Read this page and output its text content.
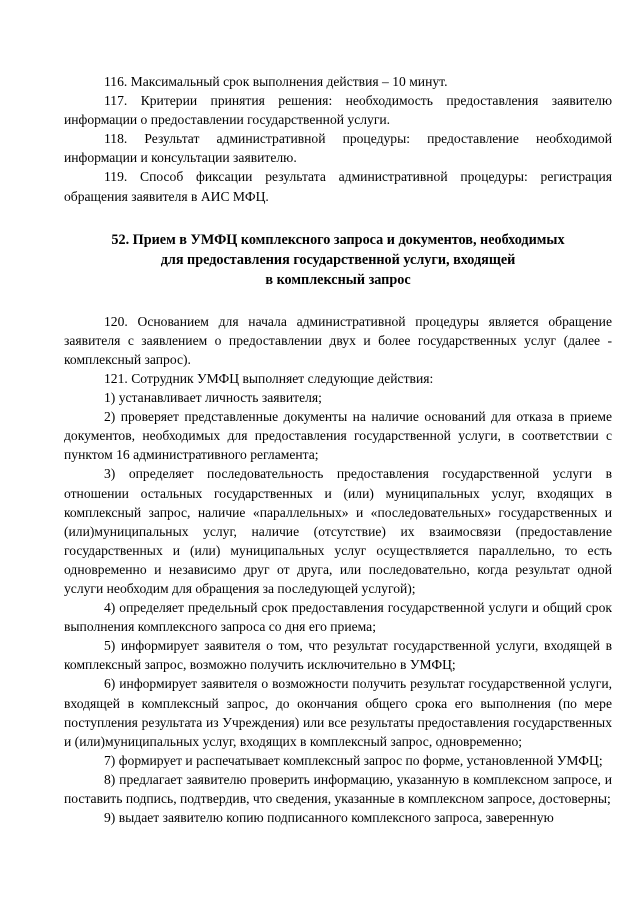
116. Максимальный срок выполнения действия – 10 минут.

117. Критерии принятия решения: необходимость предоставления заявителю информации о предоставлении государственной услуги.

118. Результат административной процедуры: предоставление необходимой информации и консультации заявителю.

119. Способ фиксации результата административной процедуры: регистрация обращения заявителя в АИС МФЦ.

52. Прием в УМФЦ комплексного запроса и документов, необходимых
для предоставления государственной услуги, входящей
в комплексный запрос

120. Основанием для начала административной процедуры является обращение заявителя с заявлением о предоставлении двух и более государственных услуг (далее - комплексный запрос).

121. Сотрудник УМФЦ выполняет следующие действия:

1) устанавливает личность заявителя;

2) проверяет представленные документы на наличие оснований для отказа в приеме документов, необходимых для предоставления государственной услуги, в соответствии с пунктом 16 административного регламента;

3) определяет последовательность предоставления государственной услуги в отношении остальных государственных и (или) муниципальных услуг, входящих в комплексный запрос, наличие «параллельных» и «последовательных» государственных и (или)муниципальных услуг, наличие (отсутствие) их взаимосвязи (предоставление государственных и (или) муниципальных услуг осуществляется параллельно, то есть одновременно и независимо друг от друга, или последовательно, когда результат одной услуги необходим для обращения за последующей услугой);

4) определяет предельный срок предоставления государственной услуги и общий срок выполнения комплексного запроса со дня его приема;

5) информирует заявителя о том, что результат государственной услуги, входящей в комплексный запрос, возможно получить исключительно в УМФЦ;

6) информирует заявителя о возможности получить результат государственной услуги, входящей в комплексный запрос, до окончания общего срока его выполнения (по мере поступления результата из Учреждения) или все результаты предоставления государственных и (или)муниципальных услуг, входящих в комплексный запрос, одновременно;

7) формирует и распечатывает комплексный запрос по форме, установленной УМФЦ;

8) предлагает заявителю проверить информацию, указанную в комплексном запросе, и поставить подпись, подтвердив, что сведения, указанные в комплексном запросе, достоверны;

9) выдает заявителю копию подписанного комплексного запроса, заверенную
